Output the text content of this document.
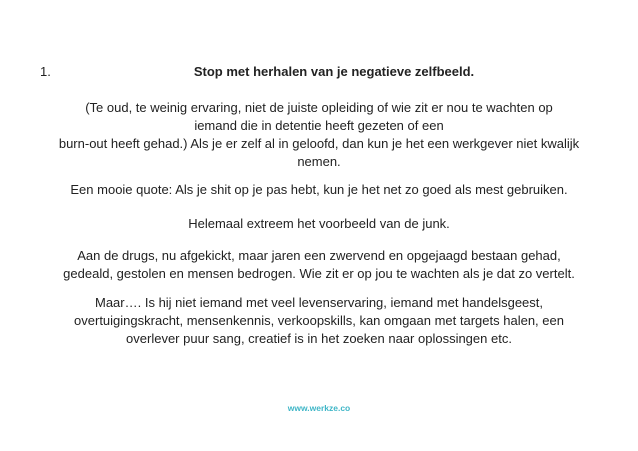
1.	Stop met herhalen van je negatieve zelfbeeld.
(Te oud, te weinig ervaring, niet de juiste opleiding of wie zit er nou te wachten op
iemand die in detentie heeft gezeten of een
burn-out heeft gehad.) Als je er zelf al in geloofd, dan kun je het een werkgever niet kwalijk
nemen.
Een mooie quote: Als je shit op je pas hebt, kun je het net zo goed als mest gebruiken.
Helemaal extreem het voorbeeld van de junk.
Aan de drugs, nu afgekickt, maar jaren een zwervend en opgejaagd bestaan gehad,
gedeald, gestolen en mensen bedrogen. Wie zit er op jou te wachten als je dat zo vertelt.
Maar…. Is hij niet iemand met veel levenservaring, iemand met handelsgeest,
overtuigingskracht, mensenkennis, verkoopskills, kan omgaan met targets halen, een
overlever puur sang, creatief is in het zoeken naar oplossingen etc.
www.werkze.co
